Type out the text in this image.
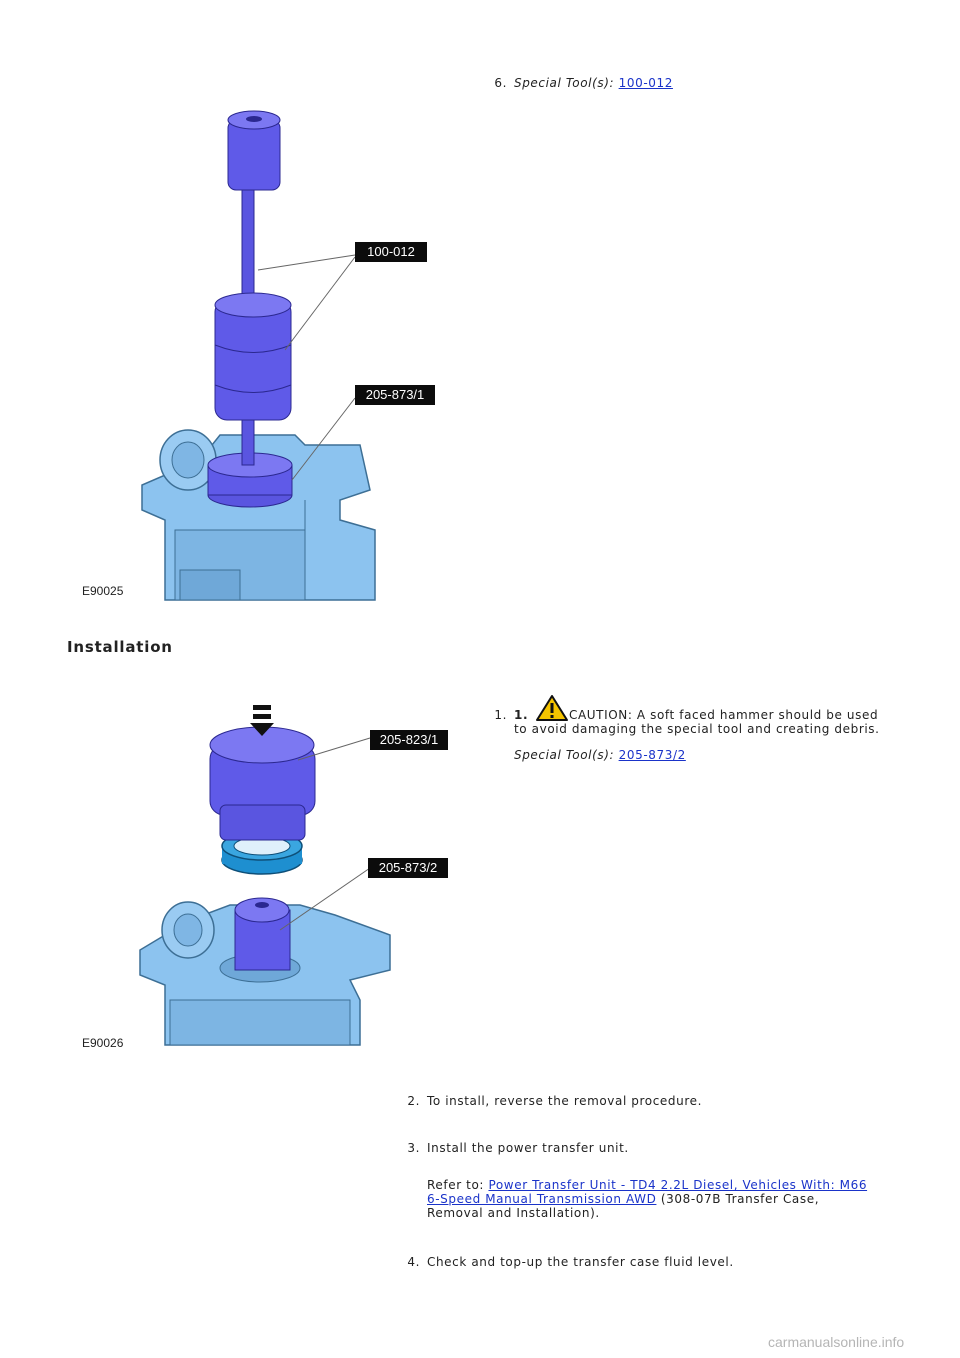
6. Special Tool(s): 100-012
100-012
205-873/1
E90025
Installation
205-823/1
205-873/2
E90026
1. 1.	CAUTION: A soft faced hammer should be used
to avoid damaging the special tool and creating debris.
Special Tool(s): 205-873/2
2. To install, reverse the removal procedure.
3. Install the power transfer unit.
Refer to: Power Transfer Unit - TD4 2.2L Diesel, Vehicles With: M66
6-Speed Manual Transmission AWD (308-07B Transfer Case,
Removal and Installation).
4. Check and top-up the transfer case fluid level.
carmanualsonline.info
